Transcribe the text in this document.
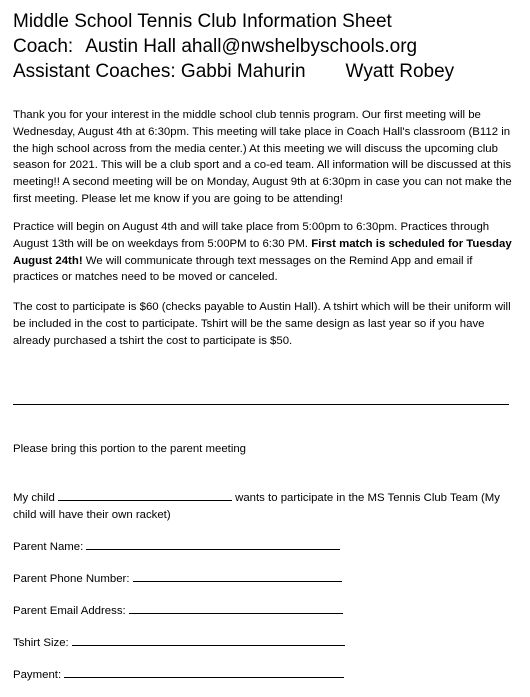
Middle School Tennis Club Information Sheet
Coach: Austin Hall ahall@nwshelbyschools.org
Assistant Coaches: Gabbi Mahurin Wyatt Robey

Thank you for your interest in the middle school club tennis program. Our first meeting will be Wednesday, August 4th at 6:30pm. This meeting will take place in Coach Hall's classroom (B112 in the high school across from the media center.) At this meeting we will discuss the upcoming club season for 2021. This will be a club sport and a co-ed team. All information will be discussed at this meeting!! A second meeting will be on Monday, August 9th at 6:30pm in case you can not make the first meeting. Please let me know if you are going to be attending!

Practice will begin on August 4th and will take place from 5:00pm to 6:30pm. Practices through August 13th will be on weekdays from 5:00PM to 6:30 PM. First match is scheduled for Tuesday August 24th! We will communicate through text messages on the Remind App and email if practices or matches need to be moved or canceled.

The cost to participate is $60 (checks payable to Austin Hall). A tshirt which will be their uniform will be included in the cost to participate. Tshirt will be the same design as last year so if you have already purchased a tshirt the cost to participate is $50.

Please bring this portion to the parent meeting
My child	wants to participate in the MS Tennis Club Team (My child will have their own racket)
Parent Name:
Parent Phone Number:
Parent Email Address:
Tshirt Size:
Payment:
